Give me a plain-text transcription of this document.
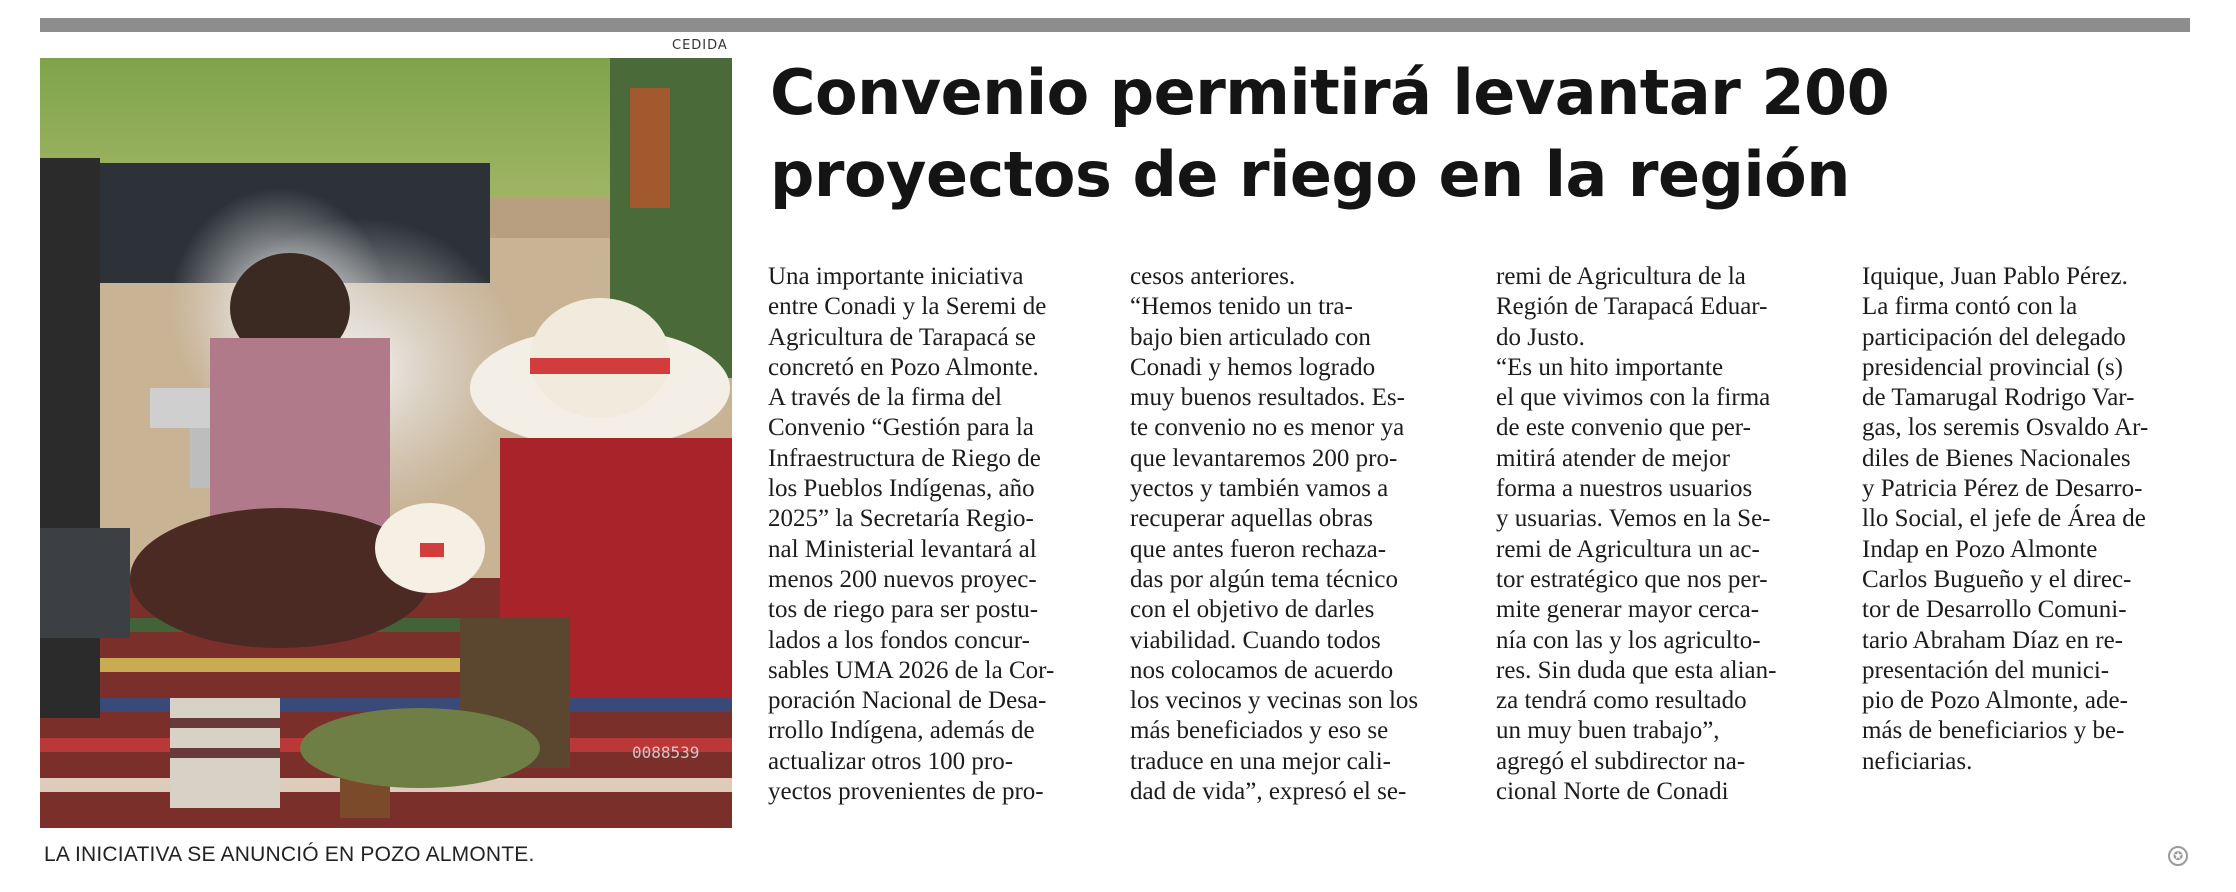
CEDIDA
0088539
LA INICIATIVA SE ANUNCIÓ EN POZO ALMONTE.
Convenio permitirá levantar 200 proyectos de riego en la región
Una importante iniciativa
entre Conadi y la Seremi de
Agricultura de Tarapacá se
concretó en Pozo Almonte.
A través de la firma del
Convenio “Gestión para la
Infraestructura de Riego de
los Pueblos Indígenas, año
2025” la Secretaría Regio-
nal Ministerial levantará al
menos 200 nuevos proyec-
tos de riego para ser postu-
lados a los fondos concur-
sables UMA 2026 de la Cor-
poración Nacional de Desa-
rrollo Indígena, además de
actualizar otros 100 pro-
yectos provenientes de pro-
cesos anteriores.
“Hemos tenido un tra-
bajo bien articulado con
Conadi y hemos logrado
muy buenos resultados. Es-
te convenio no es menor ya
que levantaremos 200 pro-
yectos y también vamos a
recuperar aquellas obras
que antes fueron rechaza-
das por algún tema técnico
con el objetivo de darles
viabilidad. Cuando todos
nos colocamos de acuerdo
los vecinos y vecinas son los
más beneficiados y eso se
traduce en una mejor cali-
dad de vida”, expresó el se-
remi de Agricultura de la
Región de Tarapacá Eduar-
do Justo.
“Es un hito importante
el que vivimos con la firma
de este convenio que per-
mitirá atender de mejor
forma a nuestros usuarios
y usuarias. Vemos en la Se-
remi de Agricultura un ac-
tor estratégico que nos per-
mite generar mayor cerca-
nía con las y los agriculto-
res. Sin duda que esta alian-
za tendrá como resultado
un muy buen trabajo”,
agregó el subdirector na-
cional Norte de Conadi
Iquique, Juan Pablo Pérez.
La firma contó con la
participación del delegado
presidencial provincial (s)
de Tamarugal Rodrigo Var-
gas, los seremis Osvaldo Ar-
diles de Bienes Nacionales
y Patricia Pérez de Desarro-
llo Social, el jefe de Área de
Indap en Pozo Almonte
Carlos Bugueño y el direc-
tor de Desarrollo Comuni-
tario Abraham Díaz en re-
presentación del munici-
pio de Pozo Almonte, ade-
más de beneficiarios y be-
neficiarias.
✪
